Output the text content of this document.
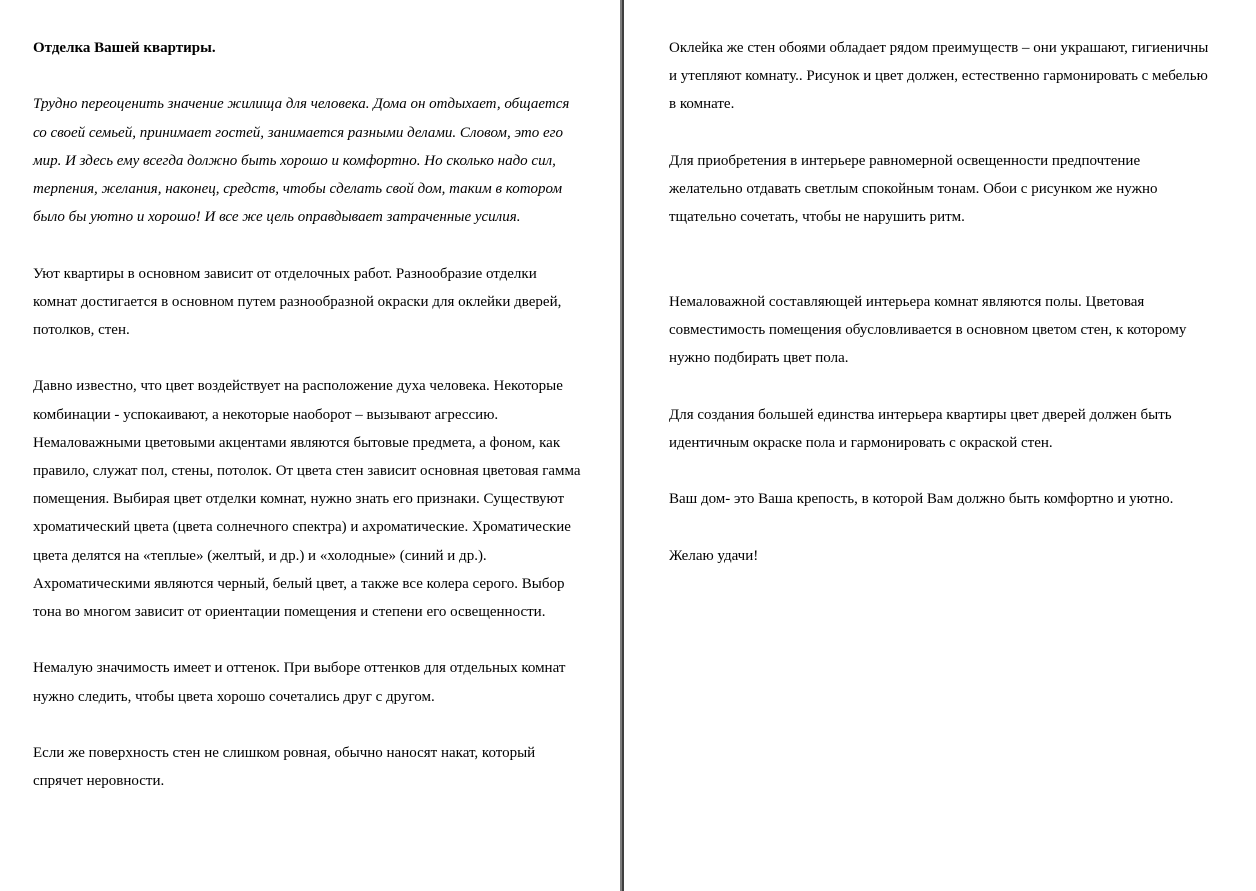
Отделка Вашей квартиры.

Трудно переоценить значение жилища для человека. Дома он отдыхает, общается со своей семьей, принимает гостей, занимается разными делами. Словом, это его мир. И здесь ему всегда должно быть хорошо и комфортно. Но сколько надо сил, терпения, желания, наконец, средств, чтобы сделать свой дом, таким в котором было бы уютно и хорошо! И все же цель оправдывает затраченные усилия.

Уют квартиры в основном зависит от отделочных работ. Разнообразие отделки комнат достигается в основном путем разнообразной окраски для оклейки дверей, потолков, стен.

Давно известно, что цвет воздействует на расположение духа человека. Некоторые комбинации - успокаивают, а некоторые наоборот – вызывают агрессию. Немаловажными цветовыми акцентами являются бытовые предмета, а фоном, как правило, служат пол, стены, потолок. От цвета стен зависит основная цветовая гамма помещения. Выбирая цвет отделки комнат, нужно знать его признаки. Существуют хроматический цвета (цвета солнечного спектра) и ахроматические. Хроматические цвета делятся на «теплые» (желтый, и др.) и «холодные» (синий и др.). Ахроматическими являются черный, белый цвет, а также все колера серого. Выбор тона во многом зависит от ориентации помещения и степени его освещенности.

Немалую значимость имеет и оттенок. При выборе оттенков для отдельных комнат нужно следить, чтобы цвета хорошо сочетались друг с другом.

Если же поверхность стен не слишком ровная, обычно наносят накат, который спрячет неровности.

Оклейка же стен обоями обладает рядом преимуществ – они украшают, гигиеничны и утепляют комнату.. Рисунок и цвет должен, естественно гармонировать с мебелью в комнате.

Для приобретения в интерьере равномерной освещенности предпочтение желательно отдавать светлым спокойным тонам. Обои с рисунком же нужно тщательно сочетать, чтобы не нарушить ритм.

Немаловажной составляющей интерьера комнат являются полы. Цветовая совместимость помещения обусловливается в основном цветом стен, к которому нужно подбирать цвет пола.

Для создания большей единства интерьера квартиры цвет дверей должен быть идентичным окраске пола и гармонировать с окраской стен.

Ваш дом- это Ваша крепость, в которой Вам должно быть комфортно и уютно.

Желаю удачи!
